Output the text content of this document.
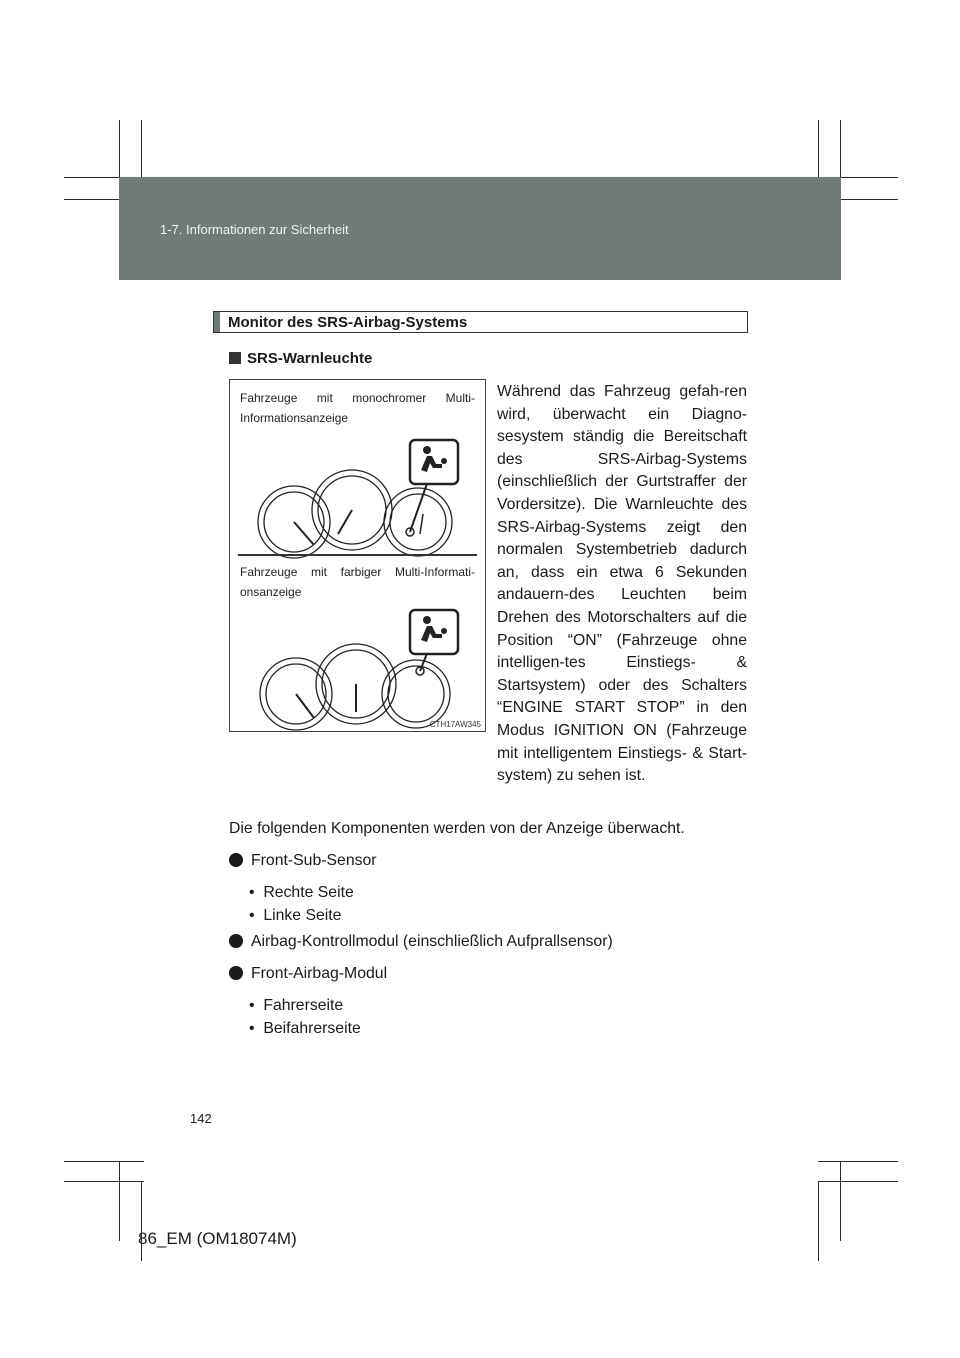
1-7. Informationen zur Sicherheit
Monitor des SRS-Airbag-Systems
SRS-Warnleuchte
Fahrzeuge mit monochromer Multi-Informationsanzeige
Fahrzeuge mit farbiger Multi-Informati-onsanzeige
CTH17AW345
Während das Fahrzeug gefah-ren wird, überwacht ein Diagno-sesystem ständig die Bereitschaft des SRS-Airbag-Systems (einschließlich der Gurtstraffer der Vordersitze). Die Warnleuchte des SRS-Airbag-Systems zeigt den normalen Systembetrieb dadurch an, dass ein etwa 6 Sekunden andauern-des Leuchten beim Drehen des Motorschalters auf die Position “ON” (Fahrzeuge ohne intelligen-tes Einstiegs- & Startsystem) oder des Schalters “ENGINE START STOP” in den Modus IGNITION ON (Fahrzeuge mit intelligentem Einstiegs- & Start-system) zu sehen ist.
Die folgenden Komponenten werden von der Anzeige überwacht.
Front-Sub-Sensor
•  Rechte Seite
•  Linke Seite
Airbag-Kontrollmodul (einschließlich Aufprallsensor)
Front-Airbag-Modul
•  Fahrerseite
•  Beifahrerseite
142
86_EM (OM18074M)
